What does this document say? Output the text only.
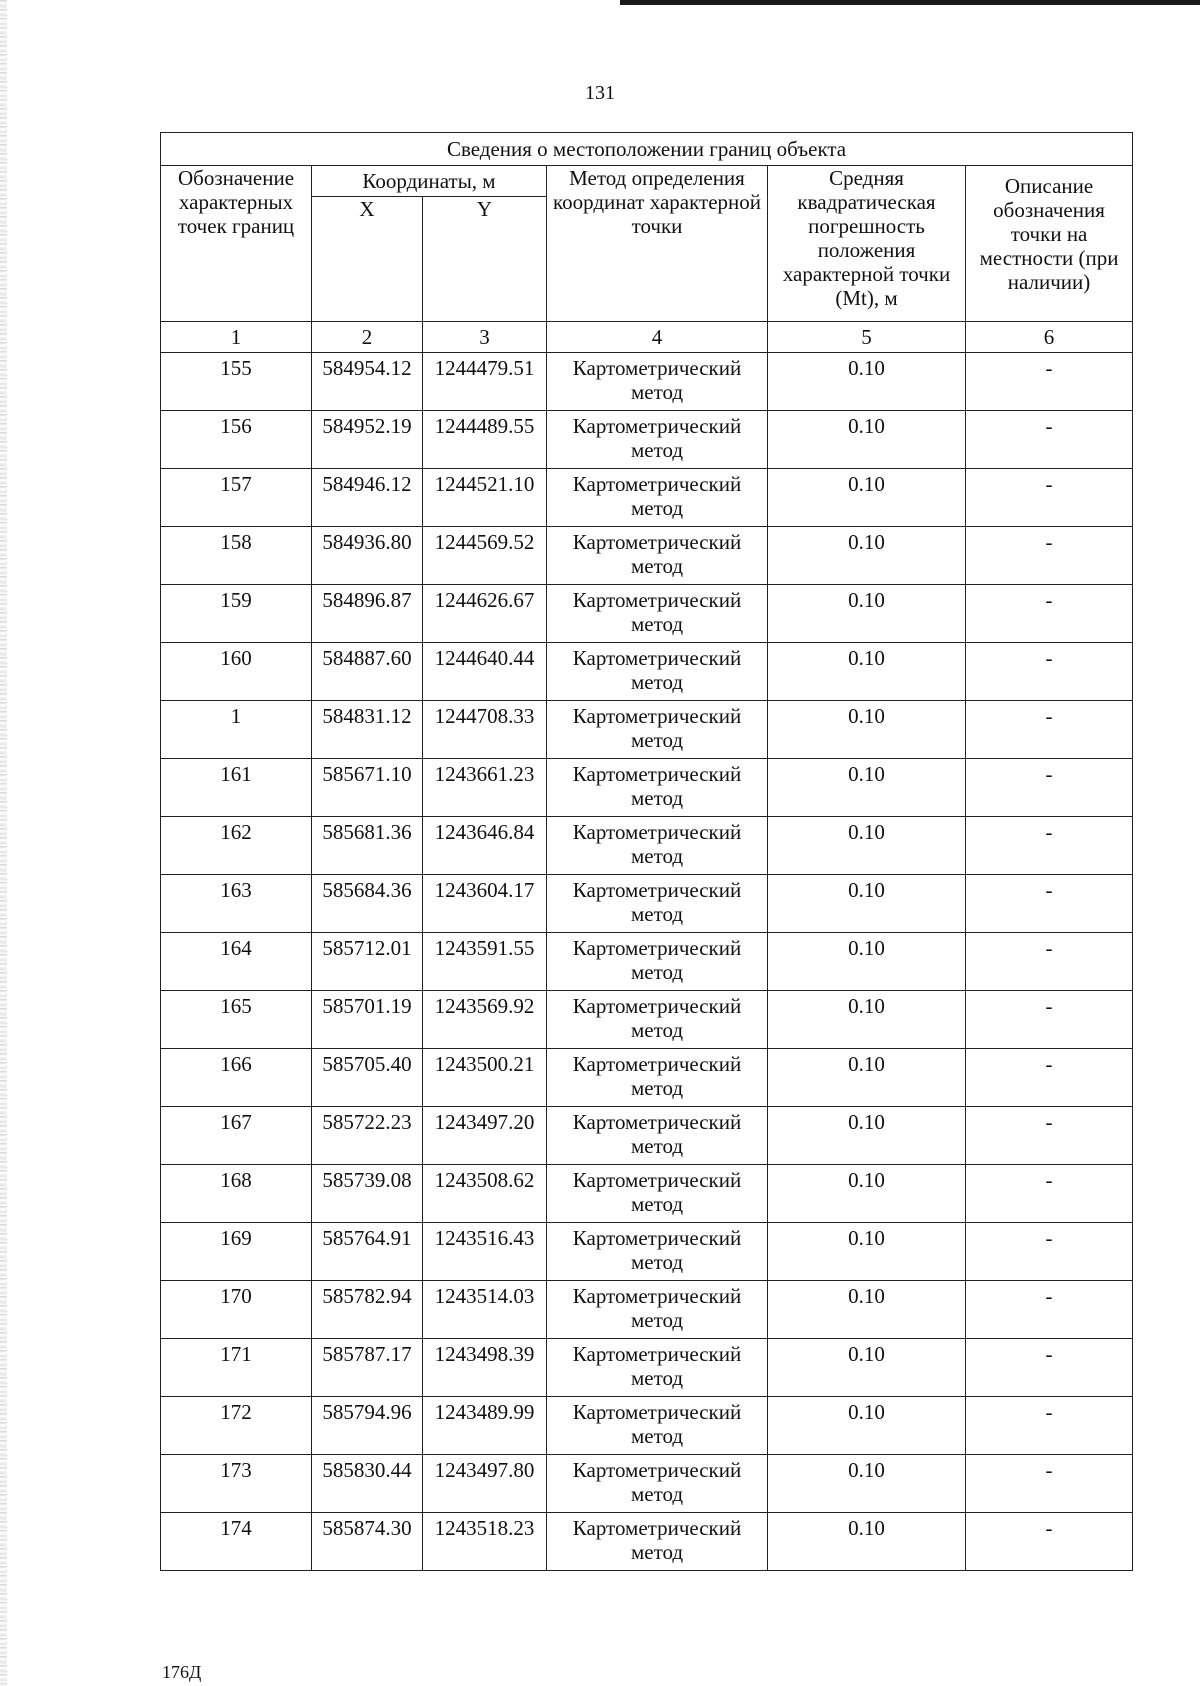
131
Сведения о местоположении границ объекта					
Обозначение характерных точек границ	Координаты, м		Метод определения координат характерной точки	Средняя квадратическая погрешность положения характерной точки (Mt), м	Описание обозначения точки на местности (при наличии)
	X	Y			
1	2	3	4	5	6
155	584954.12	1244479.51	Картометрический метод	0.10	-
156	584952.19	1244489.55	Картометрический метод	0.10	-
157	584946.12	1244521.10	Картометрический метод	0.10	-
158	584936.80	1244569.52	Картометрический метод	0.10	-
159	584896.87	1244626.67	Картометрический метод	0.10	-
160	584887.60	1244640.44	Картометрический метод	0.10	-
1	584831.12	1244708.33	Картометрический метод	0.10	-
161	585671.10	1243661.23	Картометрический метод	0.10	-
162	585681.36	1243646.84	Картометрический метод	0.10	-
163	585684.36	1243604.17	Картометрический метод	0.10	-
164	585712.01	1243591.55	Картометрический метод	0.10	-
165	585701.19	1243569.92	Картометрический метод	0.10	-
166	585705.40	1243500.21	Картометрический метод	0.10	-
167	585722.23	1243497.20	Картометрический метод	0.10	-
168	585739.08	1243508.62	Картометрический метод	0.10	-
169	585764.91	1243516.43	Картометрический метод	0.10	-
170	585782.94	1243514.03	Картометрический метод	0.10	-
171	585787.17	1243498.39	Картометрический метод	0.10	-
172	585794.96	1243489.99	Картометрический метод	0.10	-
173	585830.44	1243497.80	Картометрический метод	0.10	-
174	585874.30	1243518.23	Картометрический метод	0.10	-
176Д
